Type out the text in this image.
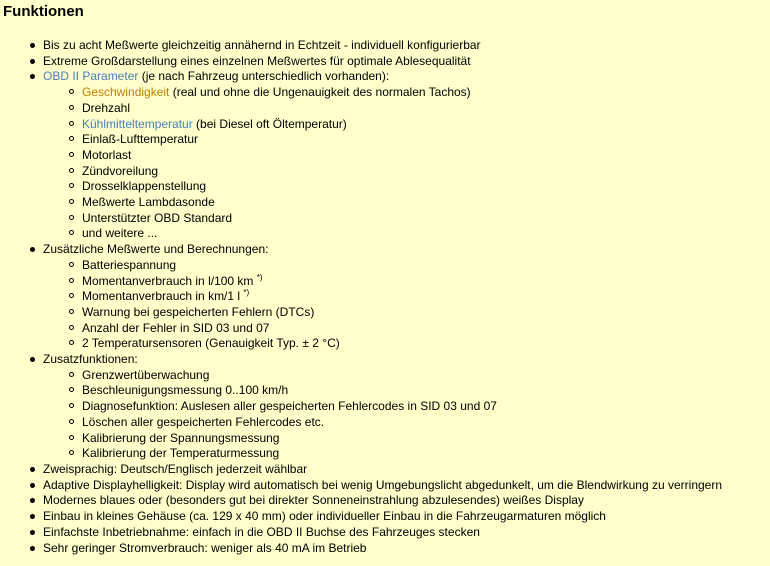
Funktionen
Bis zu acht Meßwerte gleichzeitig annähernd in Echtzeit - individuell konfigurierbar
Extreme Großdarstellung eines einzelnen Meßwertes für optimale Ablesequalität
OBD II Parameter (je nach Fahrzeug unterschiedlich vorhanden):
Geschwindigkeit (real und ohne die Ungenauigkeit des normalen Tachos)
Drehzahl
Kühlmitteltemperatur (bei Diesel oft Öltemperatur)
Einlaß-Lufttemperatur
Motorlast
Zündvoreilung
Drosselklappenstellung
Meßwerte Lambdasonde
Unterstützter OBD Standard
und weitere ...
Zusätzliche Meßwerte und Berechnungen:
Batteriespannung
Momentanverbrauch in l/100 km *)
Momentanverbrauch in km/1 l *)
Warnung bei gespeicherten Fehlern (DTCs)
Anzahl der Fehler in SID 03 und 07
2 Temperatursensoren (Genauigkeit Typ. ± 2 °C)
Zusatzfunktionen:
Grenzwertüberwachung
Beschleunigungsmessung 0..100 km/h
Diagnosefunktion: Auslesen aller gespeicherten Fehlercodes in SID 03 und 07
Löschen aller gespeicherten Fehlercodes etc.
Kalibrierung der Spannungsmessung
Kalibrierung der Temperaturmessung
Zweisprachig: Deutsch/Englisch jederzeit wählbar
Adaptive Displayhelligkeit: Display wird automatisch bei wenig Umgebungslicht abgedunkelt, um die Blendwirkung zu verringern
Modernes blaues oder (besonders gut bei direkter Sonneneinstrahlung abzulesendes) weißes Display
Einbau in kleines Gehäuse (ca. 129 x 40 mm) oder individueller Einbau in die Fahrzeugarmaturen möglich
Einfachste Inbetriebnahme: einfach in die OBD II Buchse des Fahrzeuges stecken
Sehr geringer Stromverbrauch: weniger als 40 mA im Betrieb
